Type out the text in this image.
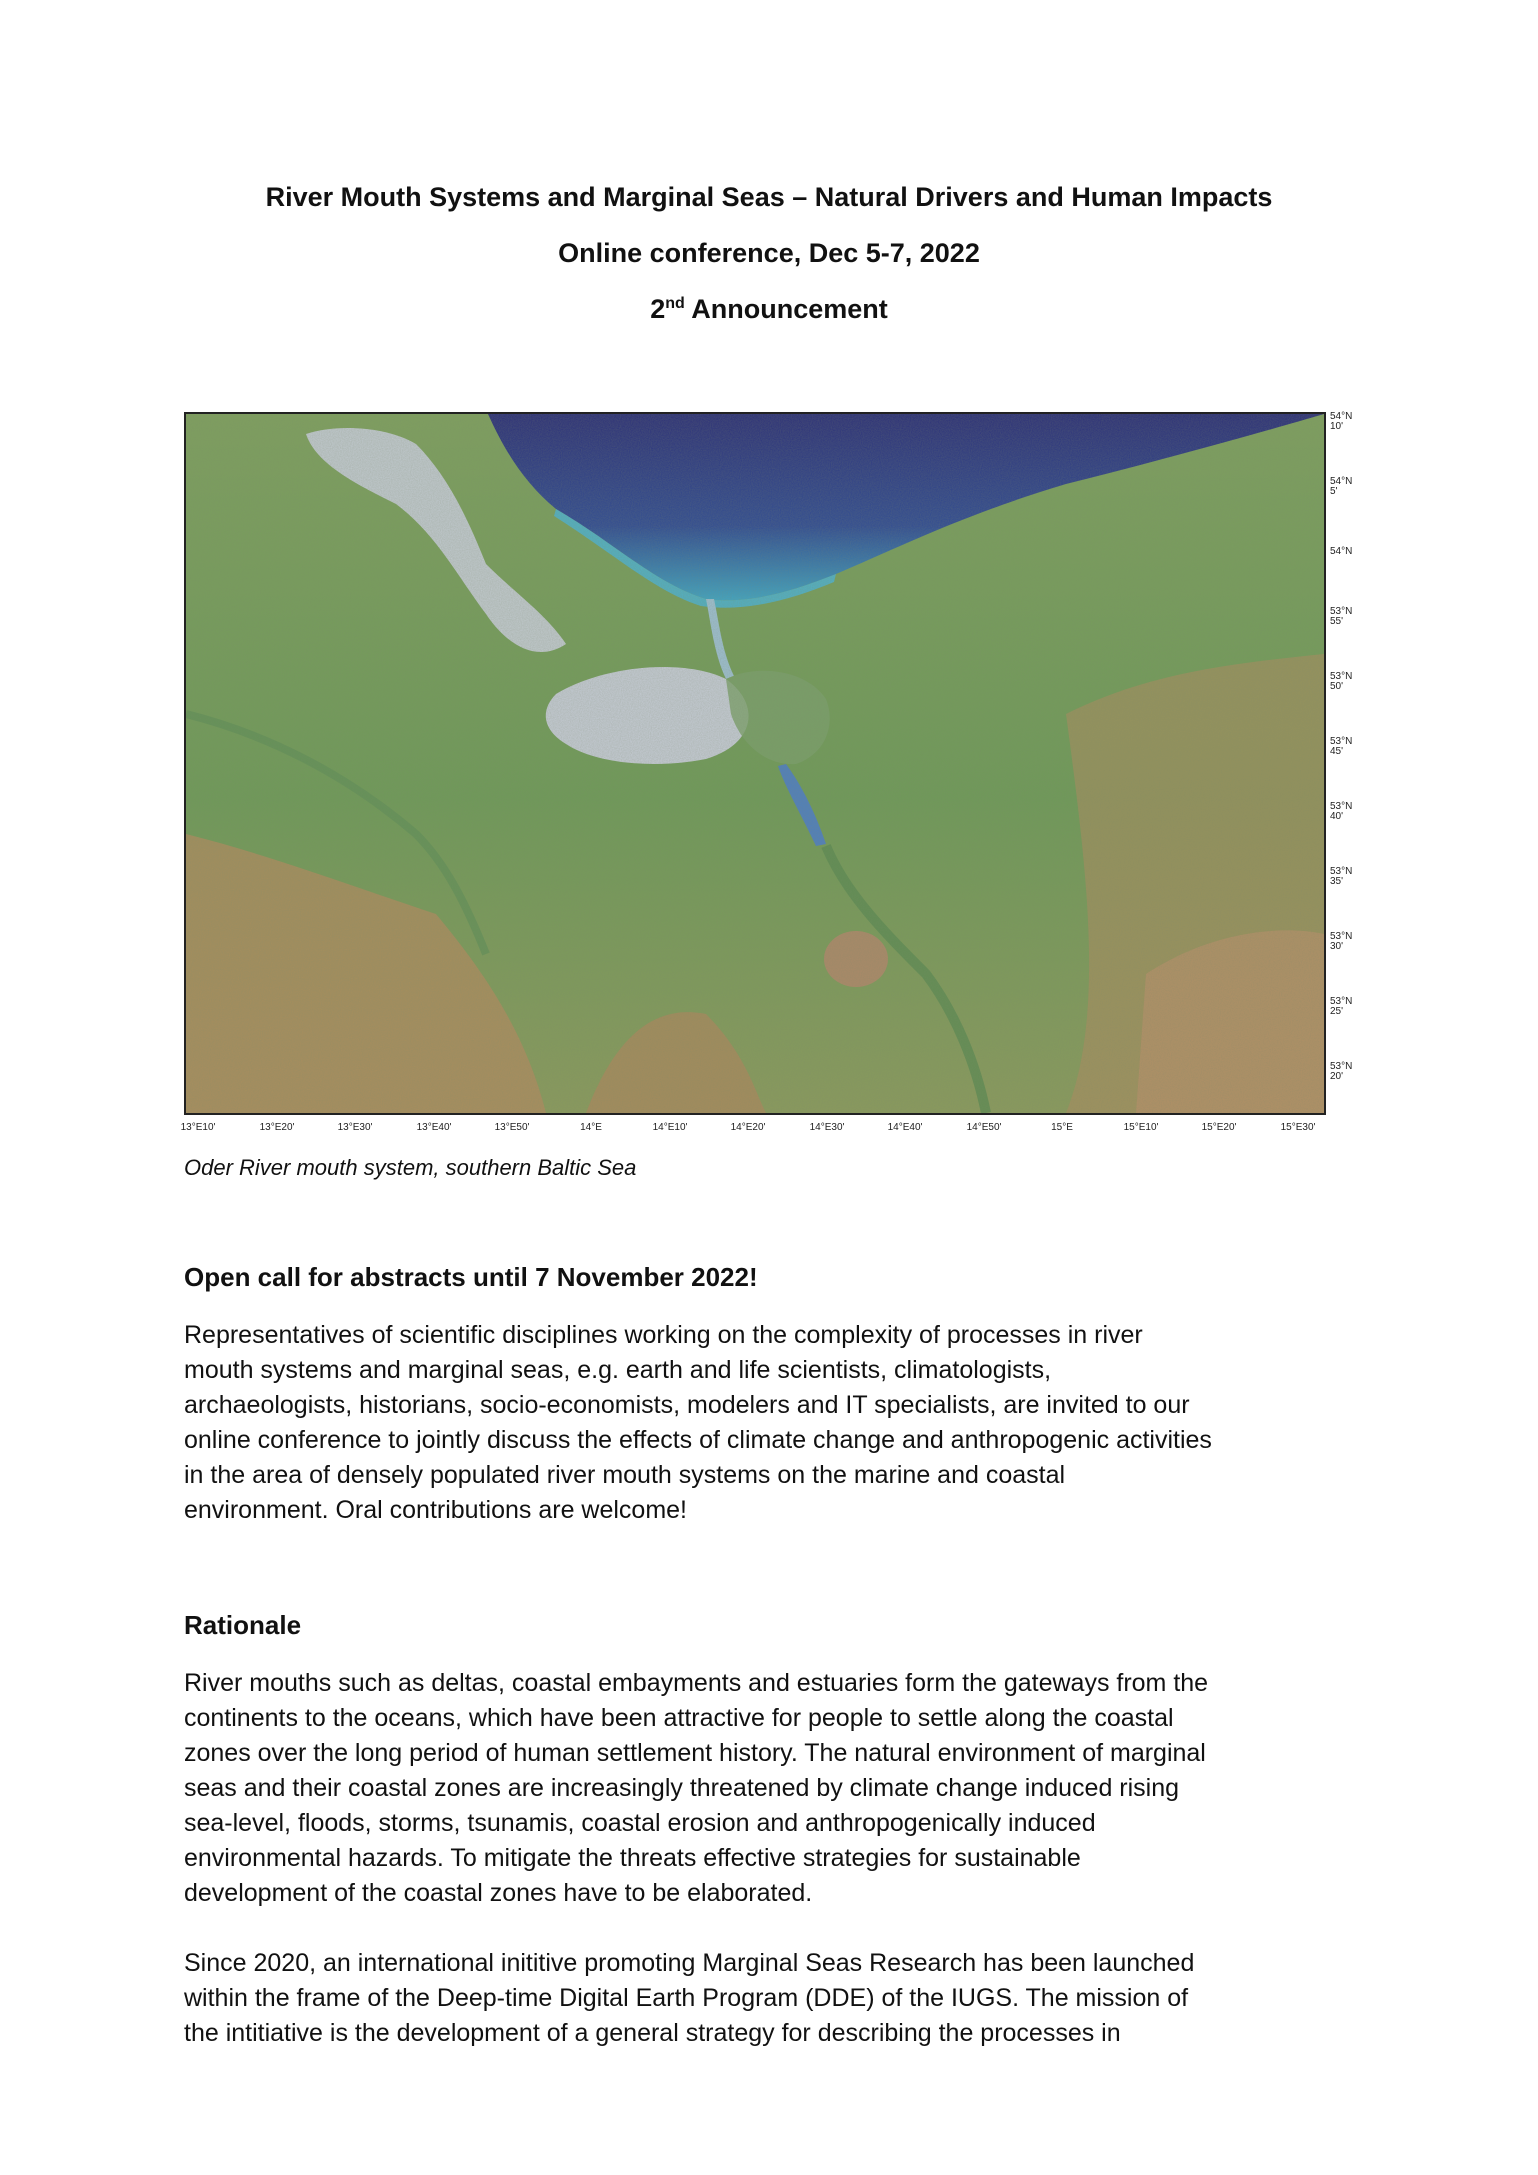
River Mouth Systems and Marginal Seas – Natural Drivers and Human Impacts
Online conference, Dec 5-7, 2022
2nd Announcement
54°N
10'
54°N
5'
54°N
53°N
55'
53°N
50'
53°N
45'
53°N
40'
53°N
35'
53°N
30'
53°N
25'
53°N
20'
13°E10'	13°E20'	13°E30'	13°E40'	13°E50'	14°E	14°E10'	14°E20'	14°E30'	14°E40'	14°E50'	15°E	15°E10'	15°E20'	15°E30'
Oder River mouth system, southern Baltic Sea
Open call for abstracts until 7 November 2022!
Representatives of scientific disciplines working on the complexity of processes in river
mouth systems and marginal seas, e.g. earth and life scientists, climatologists,
archaeologists, historians, socio-economists, modelers and IT specialists, are invited to our
online conference to jointly discuss the effects of climate change and anthropogenic activities
in the area of densely populated river mouth systems on the marine and coastal
environment. Oral contributions are welcome!
Rationale
River mouths such as deltas, coastal embayments and estuaries form the gateways from the
continents to the oceans, which have been attractive for people to settle along the coastal
zones over the long period of human settlement history. The natural environment of marginal
seas and their coastal zones are increasingly threatened by climate change induced rising
sea-level, floods, storms, tsunamis, coastal erosion and anthropogenically induced
environmental hazards. To mitigate the threats effective strategies for sustainable
development of the coastal zones have to be elaborated.
Since 2020, an international inititive promoting Marginal Seas Research has been launched
within the frame of the Deep-time Digital Earth Program (DDE) of the IUGS. The mission of
the intitiative is the development of a general strategy for describing the processes in
